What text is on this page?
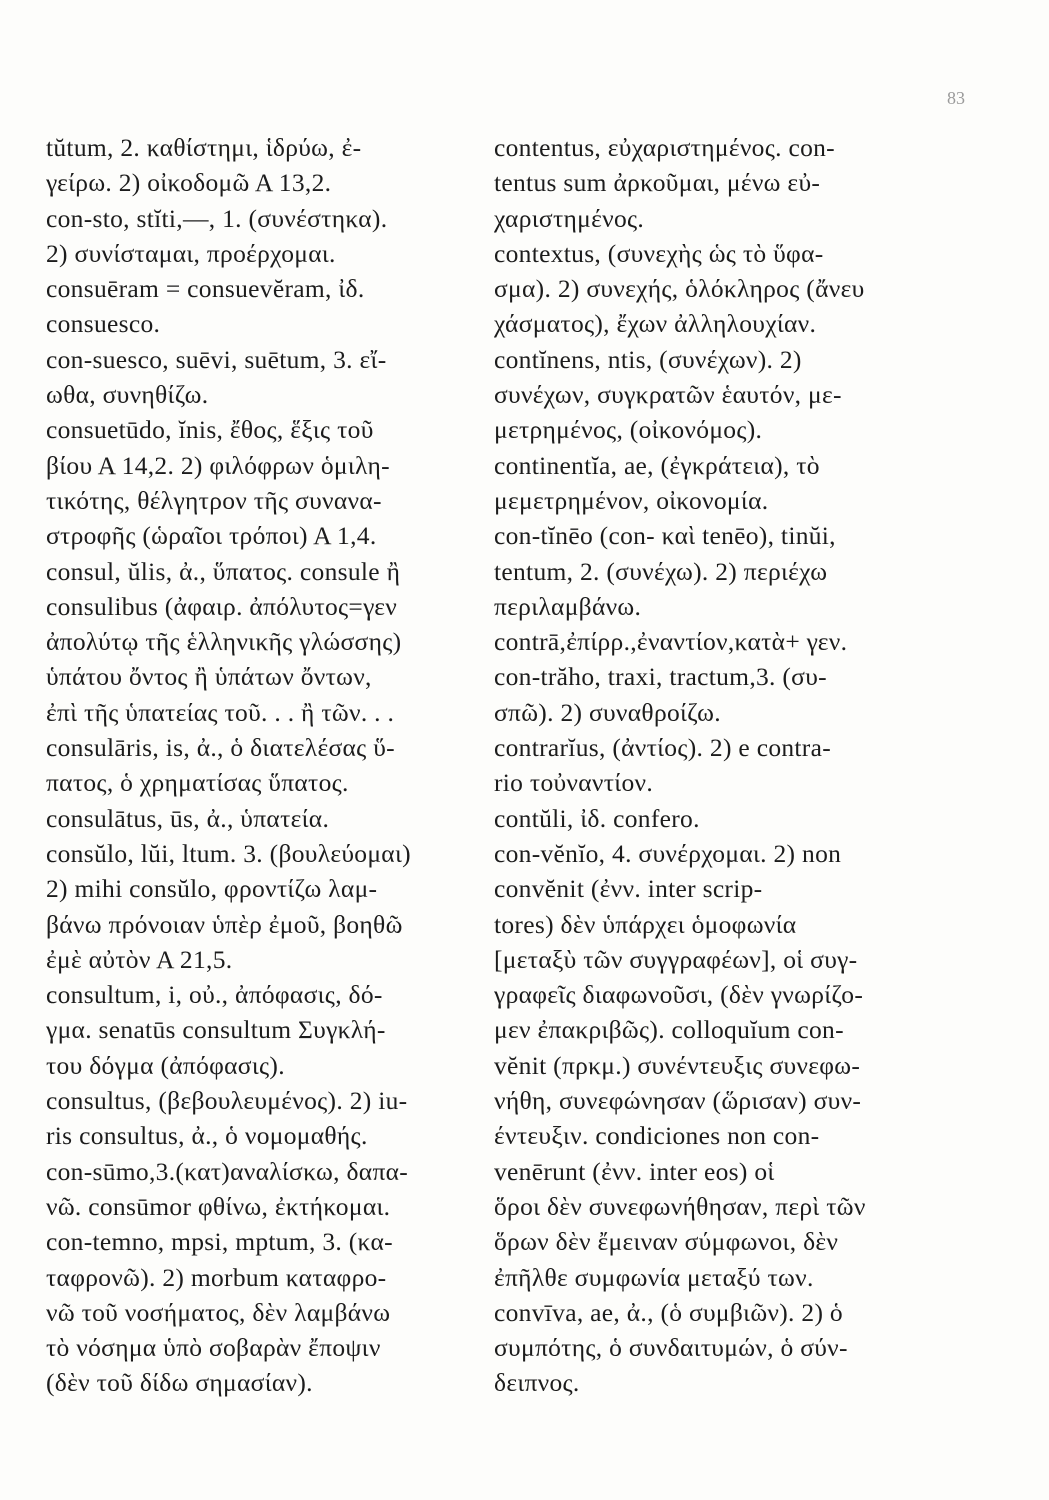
83
tŭtum, 2. καθίστημι, ἱδρύω, ἐ-
γείρω. 2) οἰκοδομῶ Α 13,2.
con-sto, stĭti,—, 1. (συνέστηκα).
2) συνίσταμαι, προέρχομαι.
consuēram = consuevĕram, ἰδ.
consuesco.
con-suesco, suēvi, suētum, 3. εἴ-
ωθα, συνηθίζω.
consuetūdo, ĭnis, ἔθος, ἕξις τοῦ
βίου Α 14,2. 2) φιλόφρων ὁμιλη-
τικότης, θέλγητρον τῆς συνανα-
στροφῆς (ὡραῖοι τρόποι) Α 1,4.
consul, ŭlis, ἀ., ὕπατος. consule ἢ
consulibus (ἀφαιρ. ἀπόλυτος=γεν
ἀπολύτῳ τῆς ἑλληνικῆς γλώσσης)
ὑπάτου ὄντος ἢ ὑπάτων ὄντων,
ἐπὶ τῆς ὑπατείας τοῦ. . . ἢ τῶν. . .
consulāris, is, ἀ., ὁ διατελέσας ὕ-
πατος, ὁ χρηματίσας ὕπατος.
consulātus, ūs, ἀ., ὑπατεία.
consŭlo, lŭi, ltum. 3. (βουλεύομαι)
2) mihi consŭlo, φροντίζω λαμ-
βάνω πρόνοιαν ὑπὲρ ἐμοῦ, βοηθῶ
ἐμὲ αὐτὸν Α 21,5.
consultum, i, οὐ., ἀπόφασις, δό-
γμα. senatūs consultum Συγκλή-
του δόγμα (ἀπόφασις).
consultus, (βεβουλευμένος). 2) iu-
ris consultus, ἀ., ὁ νομομαθής.
con-sūmo,3.(κατ)αναλίσκω, δαπα-
νῶ. consūmor φθίνω, ἐκτήκομαι.
con-temno, mpsi, mptum, 3. (κα-
ταφρονῶ). 2) morbum καταφρο-
νῶ τοῦ νοσήματος, δὲν λαμβάνω
τὸ νόσημα ὑπὸ σοβαρὰν ἔποψιν
(δὲν τοῦ δίδω σημασίαν).
contentus, εὐχαριστημένος. con-
tentus sum ἀρκοῦμαι, μένω εὐ-
χαριστημένος.
contextus, (συνεχὴς ὡς τὸ ὕφα-
σμα). 2) συνεχής, ὁλόκληρος (ἄνευ
χάσματος), ἔχων ἀλληλουχίαν.
contĭnens, ntis, (συνέχων). 2)
συνέχων, συγκρατῶν ἑαυτόν, με-
μετρημένος, (οἰκονόμος).
continentĭa, ae, (ἐγκράτεια), τὸ
μεμετρημένον, οἰκονομία.
con-tĭnēo (con- καὶ tenēo), tinŭi,
tentum, 2. (συνέχω). 2) περιέχω
περιλαμβάνω.
contrā,ἐπίρρ.,ἐναντίον,κατὰ+ γεν.
con-trăho, traxi, tractum,3. (συ-
σπῶ). 2) συναθροίζω.
contrarĭus, (ἀντίος). 2) e contra-
rio τοὐναντίον.
contŭli, ἰδ. confero.
con-vĕnĭo, 4. συνέρχομαι. 2) non
convĕnit (ἐνν. inter scrip-
tores) δὲν ὑπάρχει ὁμοφωνία
[μεταξὺ τῶν συγγραφέων], οἱ συγ-
γραφεῖς διαφωνοῦσι, (δὲν γνωρίζο-
μεν ἐπακριβῶς). colloquĭum con-
vĕnit (πρκμ.) συνέντευξις συνεφω-
νήθη, συνεφώνησαν (ὥρισαν) συν-
έντευξιν. condiciones non con-
venērunt (ἐνν. inter eos) οἱ
ὅροι δὲν συνεφωνήθησαν, περὶ τῶν
ὅρων δὲν ἔμειναν σύμφωνοι, δὲν
ἐπῆλθε συμφωνία μεταξύ των.
convīva, ae, ἀ., (ὁ συμβιῶν). 2) ὁ
συμπότης, ὁ συνδαιτυμών, ὁ σύν-
δειπνος.
